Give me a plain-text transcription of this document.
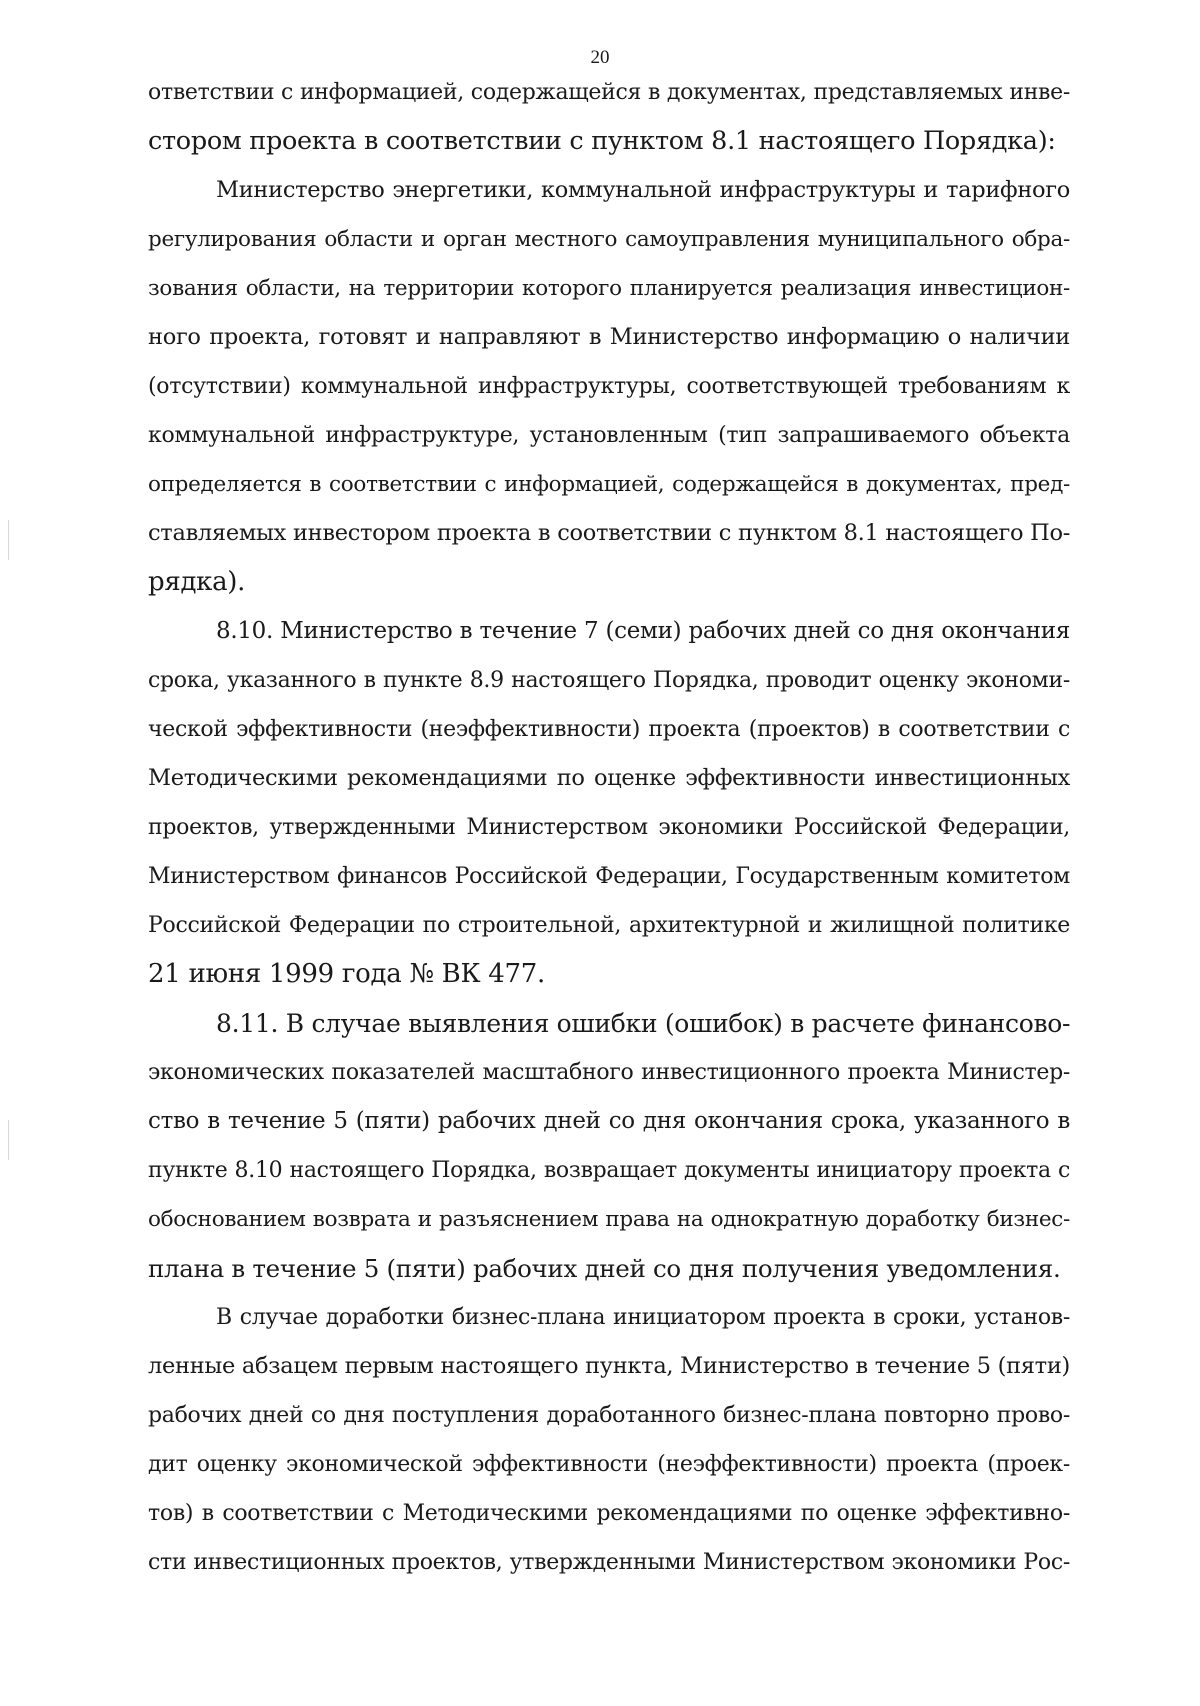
20
ответствии с информацией, содержащейся в документах, представляемых инве-
стором проекта в соответствии с пунктом 8.1 настоящего Порядка):
Министерство энергетики, коммунальной инфраструктуры и тарифного
регулирования области и орган местного самоуправления муниципального обра-
зования области, на территории которого планируется реализация инвестицион-
ного проекта, готовят и направляют в Министерство информацию о наличии
(отсутствии) коммунальной инфраструктуры, соответствующей требованиям к
коммунальной инфраструктуре, установленным (тип запрашиваемого объекта
определяется в соответствии с информацией, содержащейся в документах, пред-
ставляемых инвестором проекта в соответствии с пунктом 8.1 настоящего По-
рядка).
8.10. Министерство в течение 7 (семи) рабочих дней со дня окончания
срока, указанного в пункте 8.9 настоящего Порядка, проводит оценку экономи-
ческой эффективности (неэффективности) проекта (проектов) в соответствии с
Методическими рекомендациями по оценке эффективности инвестиционных
проектов, утвержденными Министерством экономики Российской Федерации,
Министерством финансов Российской Федерации, Государственным комитетом
Российской Федерации по строительной, архитектурной и жилищной политике
21 июня 1999 года № ВК 477.
8.11. В случае выявления ошибки (ошибок) в расчете финансово-
экономических показателей масштабного инвестиционного проекта Министер-
ство в течение 5 (пяти) рабочих дней со дня окончания срока, указанного в
пункте 8.10 настоящего Порядка, возвращает документы инициатору проекта с
обоснованием возврата и разъяснением права на однократную доработку бизнес-
плана в течение 5 (пяти) рабочих дней со дня получения уведомления.
В случае доработки бизнес-плана инициатором проекта в сроки, установ-
ленные абзацем первым настоящего пункта, Министерство в течение 5 (пяти)
рабочих дней со дня поступления доработанного бизнес-плана повторно прово-
дит оценку экономической эффективности (неэффективности) проекта (проек-
тов) в соответствии с Методическими рекомендациями по оценке эффективно-
сти инвестиционных проектов, утвержденными Министерством экономики Рос-
